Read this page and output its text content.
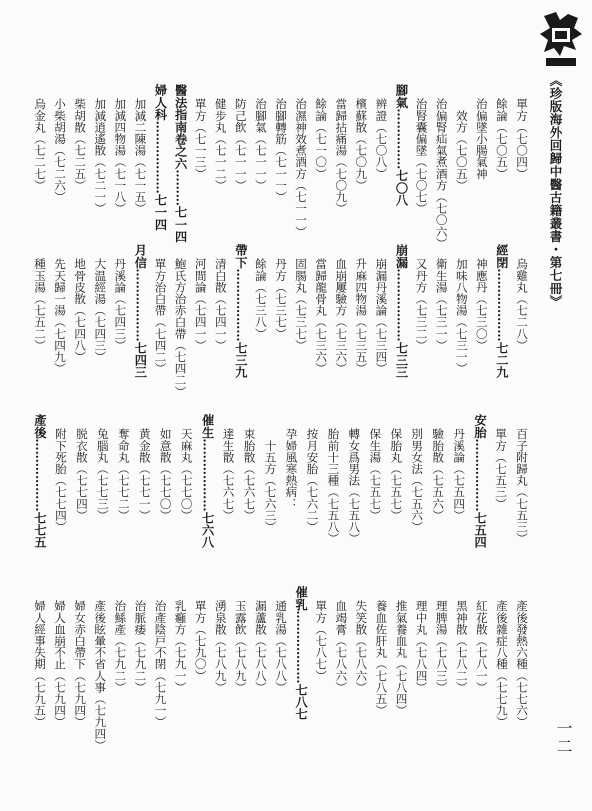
《珍版海外回歸中醫古籍叢書・第七冊》
一二
單方（七〇四）
餘論（七〇五）
治偏墜小腸氣神
　效方（七〇五）
治偏腎疝氣煮酒方（七〇六）
治腎囊偏墜（七〇七）
腳氣……………七〇八
辨證（七〇八）
檳蘇散（七〇九）
當歸拈痛湯（七〇九）
餘論（七一〇）
治濕神效煮酒方（七一一）
治腳轉筋（七一一）
治腳氣（七一一）
防己飲（七一一）
健步丸（七一二）
單方（七一三）
醫法指南卷之六………七一四
婦人科………………七一四
加減二陳湯（七一五）
加減四物湯（七一八）
加減逍遙散（七二一）
柴胡散（七二五）
小柴胡湯（七二六）
烏金丸（七二七）
烏雞丸（七二八）
經閉………………七二九
神應丹（七三〇）
加味八物湯（七三一）
衛生湯（七三一）
又丹方（七三二）
崩漏………………七三三
崩漏丹溪論（七三四）
升麻四物湯（七三五）
血崩屢驗方（七三六）
當歸龍骨丸（七三六）
固腸丸（七三七）
丹方（七三七）
餘論（七三八）
帶下………………七三九
清白散（七四一）
河間論（七四一）
鮑氏方治赤白帶（七四二）
單方治白帶（七四二）
月信………………七四三
丹溪論（七四三）
大温經湯（七四三）
地骨皮散（七四八）
先天歸一湯（七四九）
種玉湯（七五二）
百子附歸丸（七五三）
單方（七五三）
安胎………………七五四
丹溪論（七五四）
驗胎散（七五六）
別男女法（七五六）
保胎丸（七五七）
保生湯（七五七）
轉女爲男法（七五八）
胎前十三種（七五八）
按月安胎（七六二）
孕婦風寒熱病：
　十五方（七六三）
束胎散（七六七）
達生散（七六七）
催生………………七六八
天麻丸（七七〇）
如意散（七七〇）
黄金散（七七一）
奪命丸（七七二）
兔腦丸（七七三）
脱衣散（七七四）
附下死胎（七七四）
產後………………七七五
產後發熱六種（七七六）
產後雜症八種（七七九）
紅花散（七八一）
黑神散（七八二）
理脾湯（七八三）
理中丸（七八四）
推氣養血丸（七八四）
養血佐肝丸（七八五）
失笑散（七八六）
血竭膏（七八六）
單方（七八七）
催乳………………七八七
通乳湯（七八八）
漏蘆散（七八八）
玉露飲（七八九）
湧泉散（七八九）
單方（七九〇）
乳癰方（七九一）
治產陰戸不閉（七九一）
治脈痿（七九二）
治鯀產（七九二）
產後眩暈不省人事（七九四）
婦女赤白帶下（七九四）
婦人血崩不止（七九四）
婦人經事失期（七九五）
